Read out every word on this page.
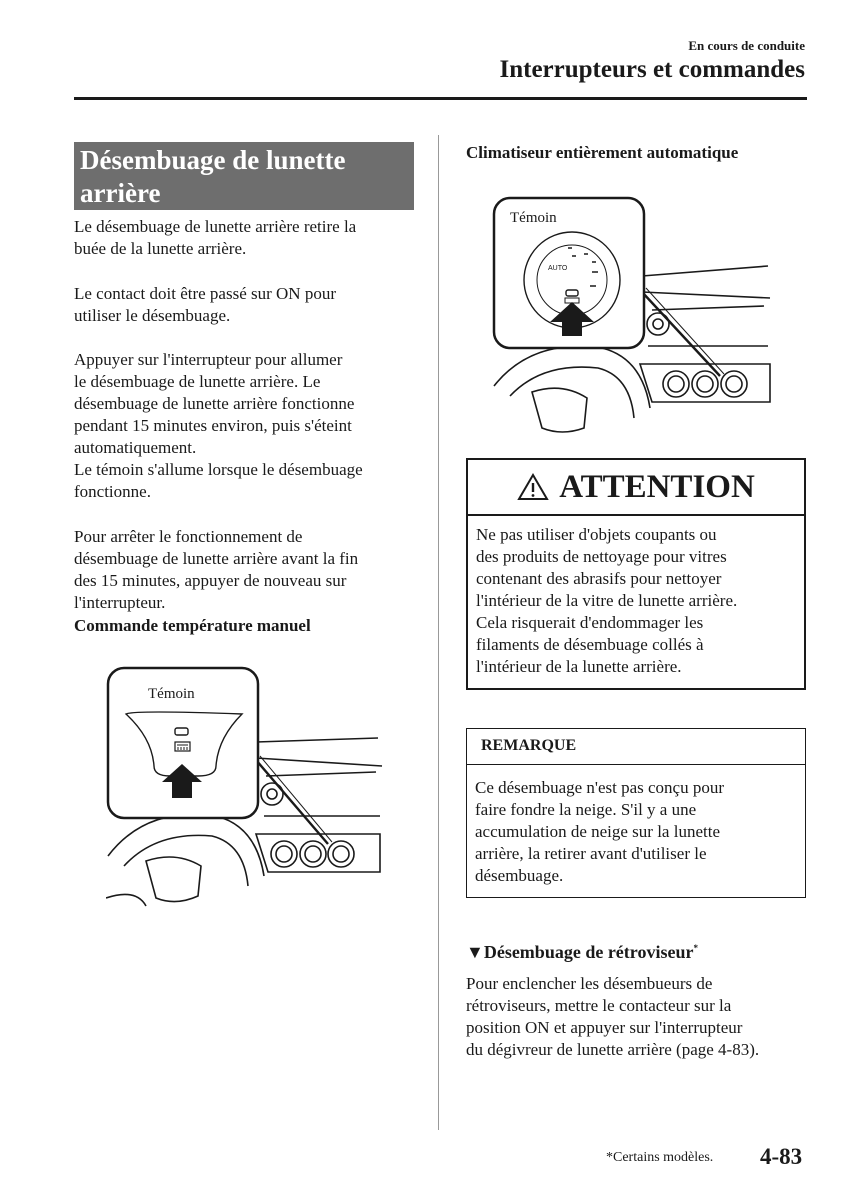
En cours de conduite
Interrupteurs et commandes
Désembuage de lunette
arrière
Le désembuage de lunette arrière retire la
buée de la lunette arrière.
Le contact doit être passé sur ON pour
utiliser le désembuage.
Appuyer sur l'interrupteur pour allumer
le désembuage de lunette arrière. Le
désembuage de lunette arrière fonctionne
pendant 15 minutes environ, puis s'éteint
automatiquement.
Le témoin s'allume lorsque le désembuage
fonctionne.
Pour arrêter le fonctionnement de
désembuage de lunette arrière avant la fin
des 15 minutes, appuyer de nouveau sur
l'interrupteur.
Commande température manuel
Témoin
Climatiseur entièrement automatique
AUTO
Témoin
ATTENTION
Ne pas utiliser d'objets coupants ou
des produits de nettoyage pour vitres
contenant des abrasifs pour nettoyer
l'intérieur de la vitre de lunette arrière.
Cela risquerait d'endommager les
filaments de désembuage collés à
l'intérieur de la lunette arrière.
REMARQUE
Ce désembuage n'est pas conçu pour
faire fondre la neige. S'il y a une
accumulation de neige sur la lunette
arrière, la retirer avant d'utiliser le
désembuage.
▼Désembuage de rétroviseur*
Pour enclencher les désembueurs de
rétroviseurs, mettre le contacteur sur la
position ON et appuyer sur l'interrupteur
du dégivreur de lunette arrière (page 4-83).
*Certains modèles. 4-83
